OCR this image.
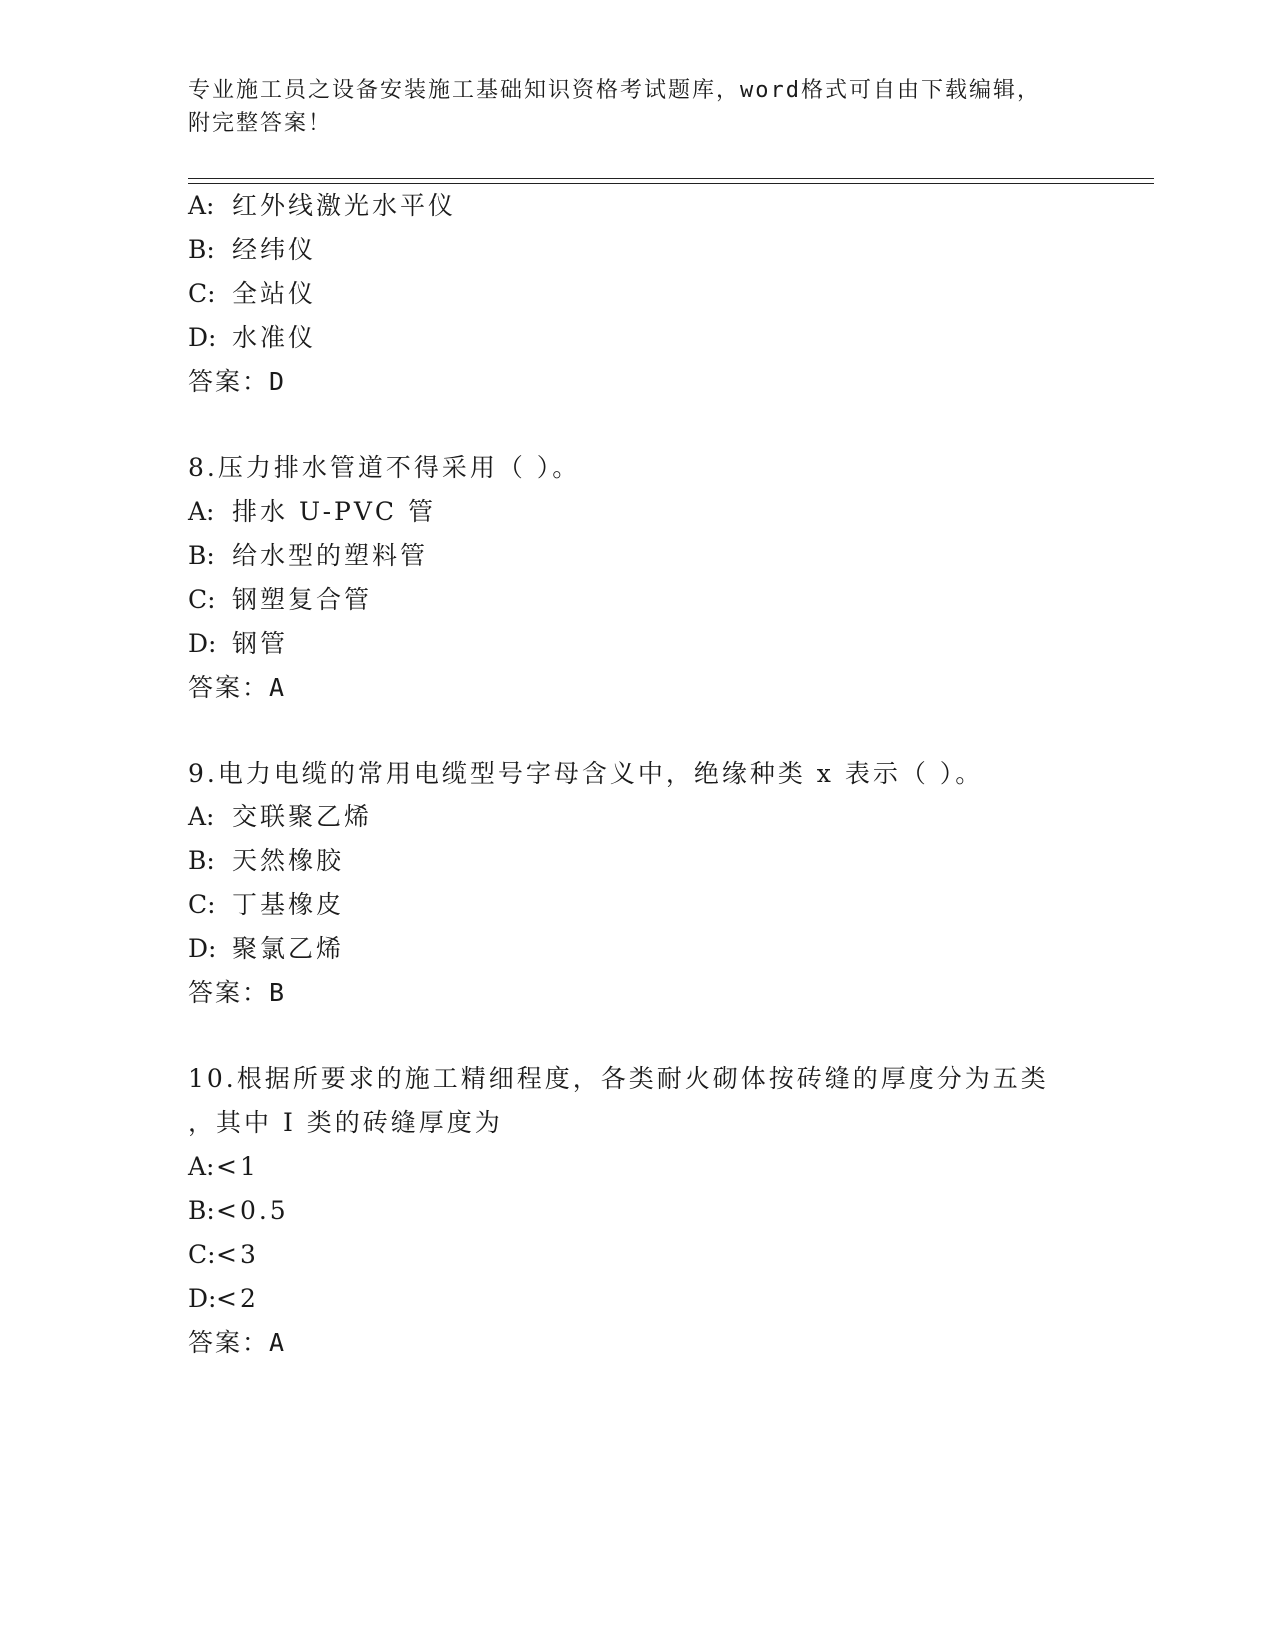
专业施工员之设备安装施工基础知识资格考试题库，word格式可自由下载编辑，
附完整答案！
A: 红外线激光水平仪
B: 经纬仪
C: 全站仪
D: 水准仪
答案：D
8.压力排水管道不得采用（ ）。
A: 排水 U-PVC 管
B: 给水型的塑料管
C: 钢塑复合管
D: 钢管
答案：A
9.电力电缆的常用电缆型号字母含义中，绝缘种类 x 表示（ ）。
A: 交联聚乙烯
B: 天然橡胶
C: 丁基橡皮
D: 聚氯乙烯
答案：B
10.根据所要求的施工精细程度，各类耐火砌体按砖缝的厚度分为五类
，其中 I 类的砖缝厚度为
A:<1
B:<0.5
C:<3
D:<2
答案：A
